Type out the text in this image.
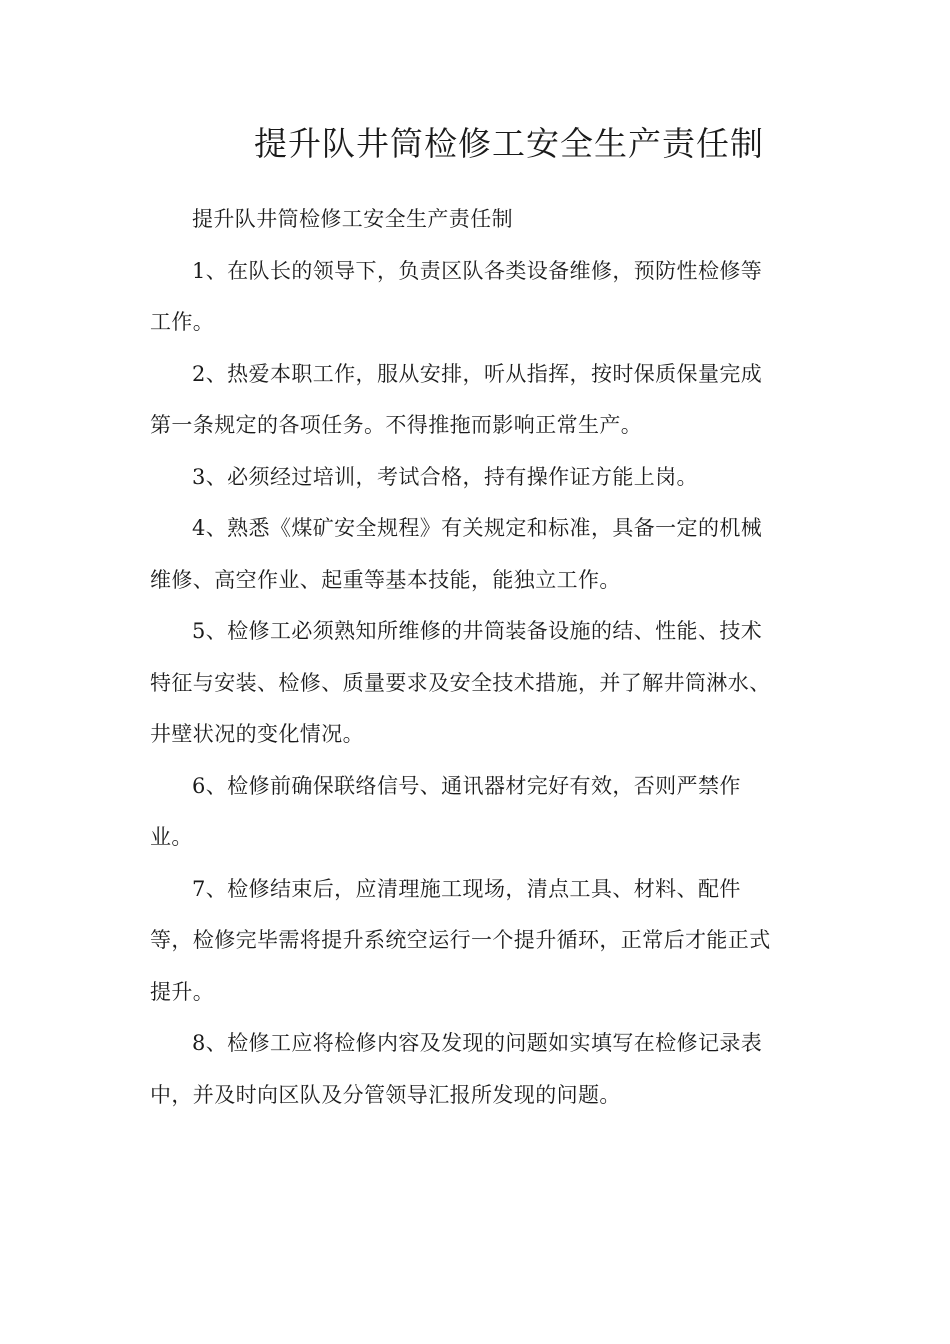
提升队井筒检修工安全生产责任制
提升队井筒检修工安全生产责任制
1、在队长的领导下，负责区队各类设备维修，预防性检修等
工作。
2、热爱本职工作，服从安排，听从指挥，按时保质保量完成
第一条规定的各项任务。不得推拖而影响正常生产。
3、必须经过培训，考试合格，持有操作证方能上岗。
4、熟悉《煤矿安全规程》有关规定和标准，具备一定的机械
维修、高空作业、起重等基本技能，能独立工作。
5、检修工必须熟知所维修的井筒装备设施的结、性能、技术
特征与安装、检修、质量要求及安全技术措施，并了解井筒淋水、
井壁状况的变化情况。
6、检修前确保联络信号、通讯器材完好有效，否则严禁作
业。
7、检修结束后，应清理施工现场，清点工具、材料、配件
等，检修完毕需将提升系统空运行一个提升循环，正常后才能正式
提升。
8、检修工应将检修内容及发现的问题如实填写在检修记录表
中，并及时向区队及分管领导汇报所发现的问题。
